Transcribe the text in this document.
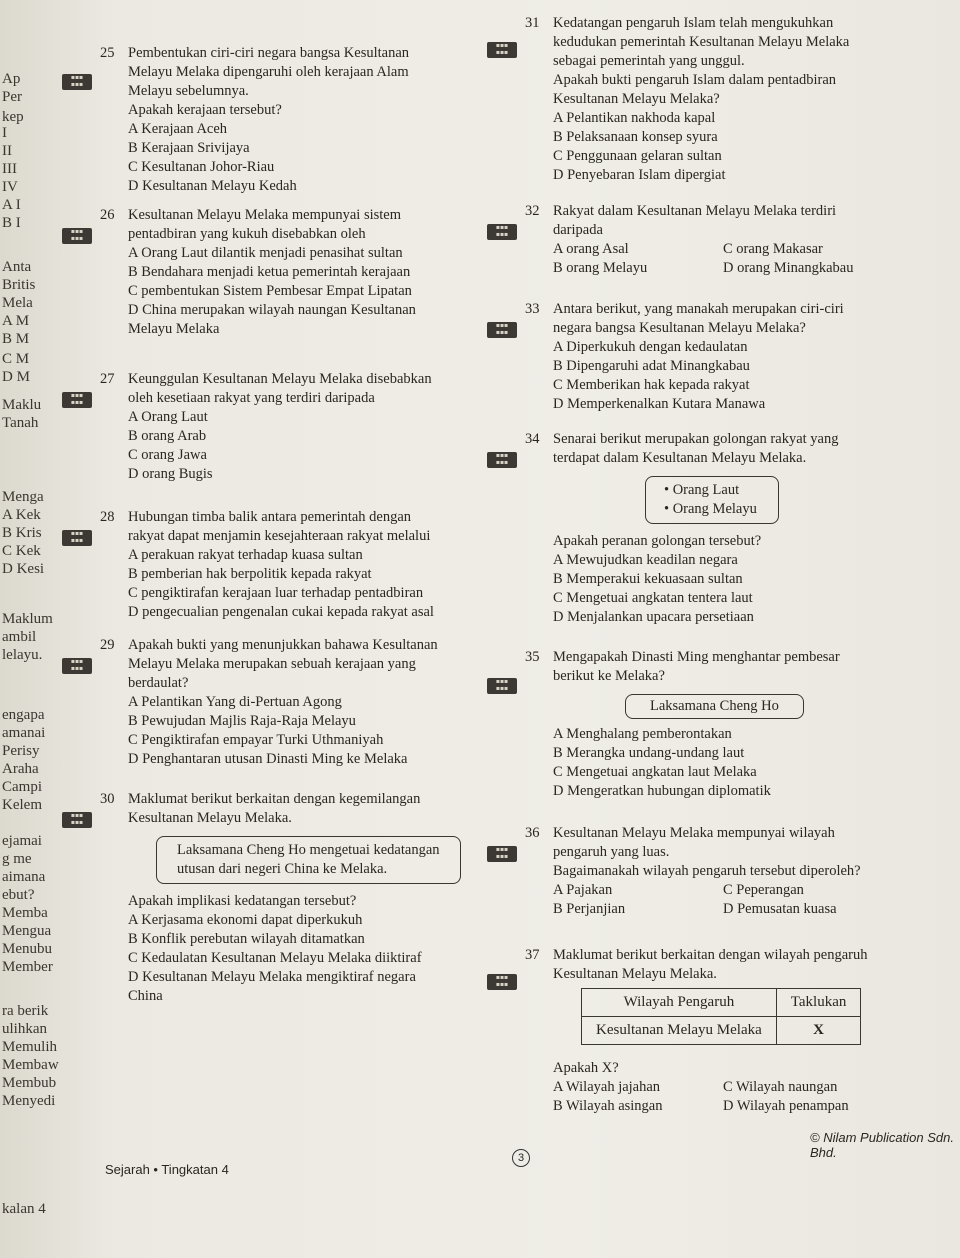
Ap
Per
kep
I
II
III
IV
A I
B I
Anta
Britis
Mela
A M
B M
C M
D M
Maklu
Tanah
Menga
A Kek
B Kris
C Kek
D Kesi
Maklum
ambil
lelayu.
engapa
amanai
Perisy
Araha
Campi
Kelem
ejamai
g me
aimana
ebut?
Memba
Mengua
Menubu
Member
ra berik
ulihkan
Memulih
Membaw
Membub
Menyedi
kalan 4
▪▪▪
▪▪▪
25 Pembentukan ciri-ciri negara bangsa Kesultanan
Melayu Melaka dipengaruhi oleh kerajaan Alam
Melayu sebelumnya.
Apakah kerajaan tersebut?
A Kerajaan Aceh
B Kerajaan Srivijaya
C Kesultanan Johor-Riau
D Kesultanan Melayu Kedah
▪▪▪
▪▪▪
26 Kesultanan Melayu Melaka mempunyai sistem
pentadbiran yang kukuh disebabkan oleh
A Orang Laut dilantik menjadi penasihat sultan
B Bendahara menjadi ketua pemerintah kerajaan
C pembentukan Sistem Pembesar Empat Lipatan
D China merupakan wilayah naungan Kesultanan
Melayu Melaka
▪▪▪
▪▪▪
27 Keunggulan Kesultanan Melayu Melaka disebabkan
oleh kesetiaan rakyat yang terdiri daripada
A Orang Laut
B orang Arab
C orang Jawa
D orang Bugis
▪▪▪
▪▪▪
28 Hubungan timba balik antara pemerintah dengan
rakyat dapat menjamin kesejahteraan rakyat melalui
A perakuan rakyat terhadap kuasa sultan
B pemberian hak berpolitik kepada rakyat
C pengiktirafan kerajaan luar terhadap pentadbiran
D pengecualian pengenalan cukai kepada rakyat asal
▪▪▪
▪▪▪
29 Apakah bukti yang menunjukkan bahawa Kesultanan
Melayu Melaka merupakan sebuah kerajaan yang
berdaulat?
A Pelantikan Yang di-Pertuan Agong
B Pewujudan Majlis Raja-Raja Melayu
C Pengiktirafan empayar Turki Uthmaniyah
D Penghantaran utusan Dinasti Ming ke Melaka
▪▪▪
▪▪▪
30 Maklumat berikut berkaitan dengan kegemilangan
Kesultanan Melayu Melaka.
Laksamana Cheng Ho mengetuai kedatangan
utusan dari negeri China ke Melaka.
Apakah implikasi kedatangan tersebut?
A Kerjasama ekonomi dapat diperkukuh
B Konflik perebutan wilayah ditamatkan
C Kedaulatan Kesultanan Melayu Melaka diiktiraf
D Kesultanan Melayu Melaka mengiktiraf negara
China
▪▪▪
▪▪▪
31 Kedatangan pengaruh Islam telah mengukuhkan
kedudukan pemerintah Kesultanan Melayu Melaka
sebagai pemerintah yang unggul.
Apakah bukti pengaruh Islam dalam pentadbiran
Kesultanan Melayu Melaka?
A Pelantikan nakhoda kapal
B Pelaksanaan konsep syura
C Penggunaan gelaran sultan
D Penyebaran Islam dipergiat
▪▪▪
▪▪▪
32 Rakyat dalam Kesultanan Melayu Melaka terdiri
daripada
A orang Asal	C orang Makasar
B orang Melayu	D orang Minangkabau
▪▪▪
▪▪▪
33 Antara berikut, yang manakah merupakan ciri-ciri
negara bangsa Kesultanan Melayu Melaka?
A Diperkukuh dengan kedaulatan
B Dipengaruhi adat Minangkabau
C Memberikan hak kepada rakyat
D Memperkenalkan Kutara Manawa
▪▪▪
▪▪▪
34 Senarai berikut merupakan golongan rakyat yang
terdapat dalam Kesultanan Melayu Melaka.
• Orang Laut
• Orang Melayu
Apakah peranan golongan tersebut?
A Mewujudkan keadilan negara
B Memperakui kekuasaan sultan
C Mengetuai angkatan tentera laut
D Menjalankan upacara persetiaan
▪▪▪
▪▪▪
35 Mengapakah Dinasti Ming menghantar pembesar
berikut ke Melaka?
Laksamana Cheng Ho
A Menghalang pemberontakan
B Merangka undang-undang laut
C Mengetuai angkatan laut Melaka
D Mengeratkan hubungan diplomatik
▪▪▪
▪▪▪
36 Kesultanan Melayu Melaka mempunyai wilayah
pengaruh yang luas.
Bagaimanakah wilayah pengaruh tersebut diperoleh?
A Pajakan	C Peperangan
B Perjanjian	D Pemusatan kuasa
▪▪▪
▪▪▪
37 Maklumat berikut berkaitan dengan wilayah pengaruh
Kesultanan Melayu Melaka.
Wilayah Pengaruh	Taklukan
Kesultanan Melayu Melaka	X
Apakah X?
A Wilayah jajahan	C Wilayah naungan
B Wilayah asingan	D Wilayah penampan
© Nilam Publication Sdn. Bhd.
3
Sejarah • Tingkatan 4
